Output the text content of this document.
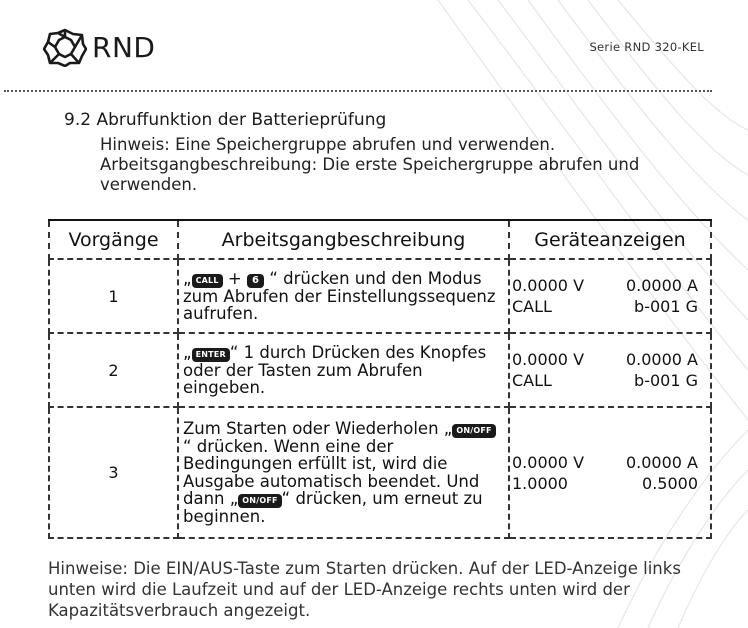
RND	Serie RND 320-KEL
9.2 Abruffunktion der Batterieprüfung
Hinweis: Eine Speichergruppe abrufen und verwenden.
Arbeitsgangbeschreibung: Die erste Speichergruppe abrufen und verwenden.
Vorgänge	Arbeitsgangbeschreibung	Geräteanzeigen
1	„ CALL + 6 “ drücken und den Modus zum Abrufen der Einstellungssequenz aufrufen.	0.0000 V 0.0000 A
CALL b-001 G

2	„ ENTER “ 1 durch Drücken des Knopfes oder der Tasten zum Abrufen eingeben.	0.0000 V 0.0000 A
CALL b-001 G

3	Zum Starten oder Wiederholen „ ON/OFF “ drücken. Wenn eine der Bedingungen erfüllt ist, wird die Ausgabe automatisch beendet. Und dann „ ON/OFF “ drücken, um erneut zu beginnen.	0.0000 V 0.0000 A
1.0000 0.5000
Hinweise: Die EIN/AUS-Taste zum Starten drücken. Auf der LED-Anzeige links unten wird die Laufzeit und auf der LED-Anzeige rechts unten wird der Kapazitätsverbrauch angezeigt.
